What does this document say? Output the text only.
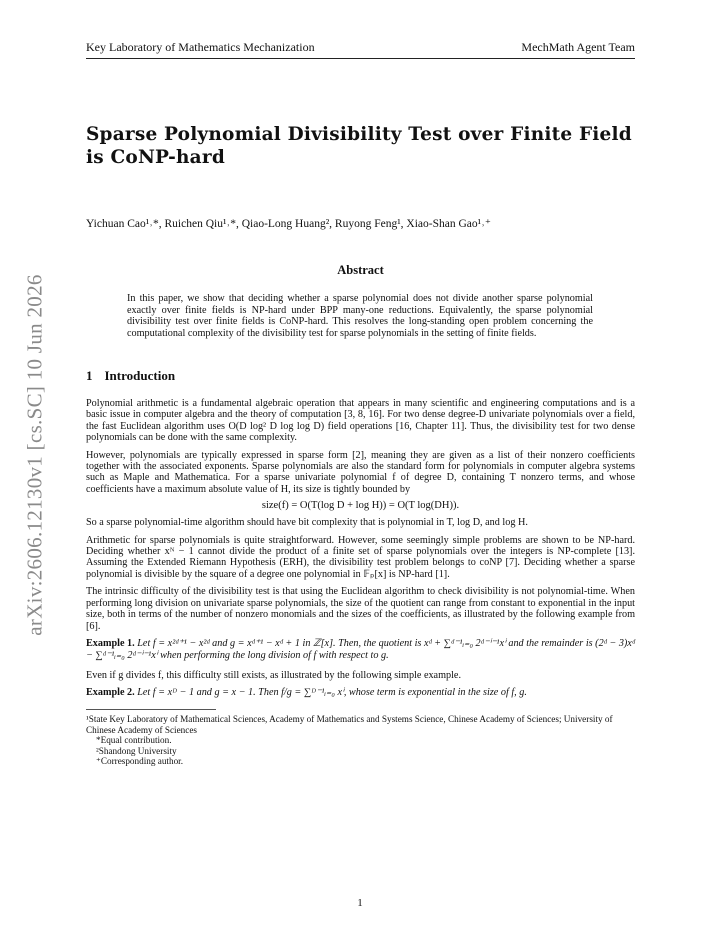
arXiv:2606.12130v1 [cs.SC] 10 Jun 2026
Key Laboratory of Mathematics Mechanization	MechMath Agent Team
Sparse Polynomial Divisibility Test over Finite Field is CoNP-hard
Yichuan Cao¹˒*, Ruichen Qiu¹˒*, Qiao-Long Huang², Ruyong Feng¹, Xiao-Shan Gao¹˒⁺
Abstract
In this paper, we show that deciding whether a sparse polynomial does not divide another sparse polynomial exactly over finite fields is NP-hard under BPP many-one reductions. Equivalently, the sparse polynomial divisibility test over finite fields is CoNP-hard. This resolves the long-standing open problem concerning the computational complexity of the divisibility test for sparse polynomials in the setting of finite fields.
1 Introduction

Polynomial arithmetic is a fundamental algebraic operation that appears in many scientific and engineering computations and is a basic issue in computer algebra and the theory of computation [3, 8, 16]. For two dense degree-D univariate polynomials over a field, the fast Euclidean algorithm uses O(D log² D log log D) field operations [16, Chapter 11]. Thus, the divisibility test for two dense polynomials can be done with the same complexity.

However, polynomials are typically expressed in sparse form [2], meaning they are given as a list of their nonzero coefficients together with the associated exponents. Sparse polynomials are also the standard form for polynomials in computer algebra systems such as Maple and Mathematica. For a sparse univariate polynomial f of degree D, containing T nonzero terms, and whose coefficients have a maximum absolute value of H, its size is tightly bounded by

size(f) = O(T(log D + log H)) = O(T log(DH)).

So a sparse polynomial-time algorithm should have bit complexity that is polynomial in T, log D, and log H.

Arithmetic for sparse polynomials is quite straightforward. However, some seemingly simple problems are shown to be NP-hard. Deciding whether xᴺ − 1 cannot divide the product of a finite set of sparse polynomials over the integers is NP-complete [13]. Assuming the Extended Riemann Hypothesis (ERH), the divisibility test problem belongs to coNP [7]. Deciding whether a sparse polynomial is divisible by the square of a degree one polynomial in 𝔽ₚ[x] is NP-hard [1].

The intrinsic difficulty of the divisibility test is that using the Euclidean algorithm to check divisibility is not polynomial-time. When performing long division on univariate sparse polynomials, the size of the quotient can range from constant to exponential in the input size, both in terms of the number of nonzero monomials and the sizes of the coefficients, as illustrated by the following example from [6].

Example 1. Let f = x²ᵈ⁺¹ − x²ᵈ and g = xᵈ⁺¹ − xᵈ + 1 in ℤ[x]. Then, the quotient is xᵈ + ∑ᵈ⁻¹ᵢ₌₀ 2ᵈ⁻ⁱ⁻¹xⁱ and the remainder is (2ᵈ − 3)xᵈ − ∑ᵈ⁻¹ᵢ₌₀ 2ᵈ⁻ⁱ⁻¹xⁱ when performing the long division of f with respect to g.

Even if g divides f, this difficulty still exists, as illustrated by the following simple example.

Example 2. Let f = xᴰ − 1 and g = x − 1. Then f/g = ∑ᴰ⁻¹ᵢ₌₀ xⁱ, whose term is exponential in the size of f, g.
¹State Key Laboratory of Mathematical Sciences, Academy of Mathematics and Systems Science, Chinese Academy of Sciences; University of Chinese Academy of Sciences
*Equal contribution.
²Shandong University
⁺Corresponding author.
1
